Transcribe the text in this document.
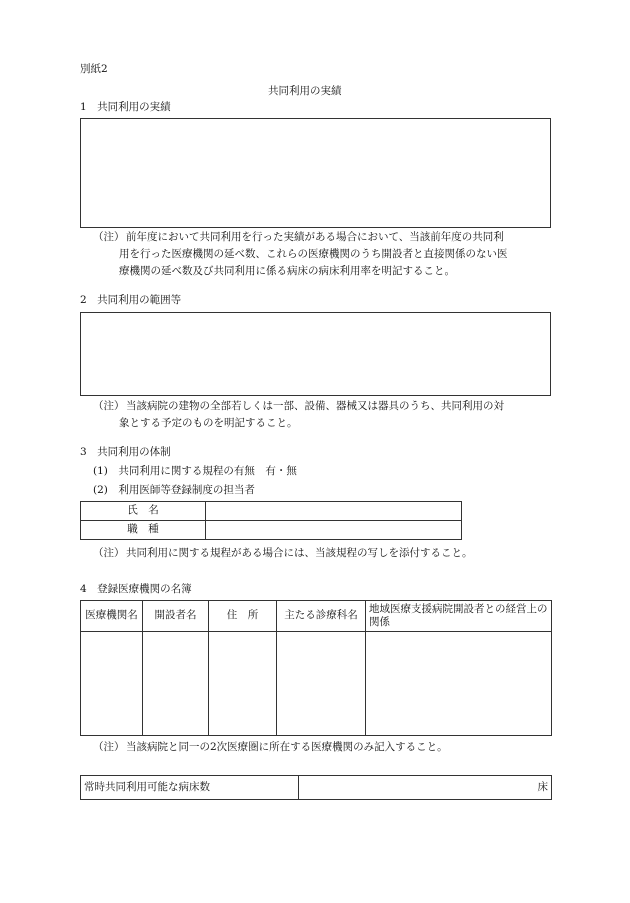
別紙2
共同利用の実績
1　共同利用の実績
（注） 前年度において共同利用を行った実績がある場合において、当該前年度の共同利
用を行った医療機関の延べ数、これらの医療機関のうち開設者と直接関係のない医
療機関の延べ数及び共同利用に係る病床の病床利用率を明記すること。
2　共同利用の範囲等
（注） 当該病院の建物の全部若しくは一部、設備、器械又は器具のうち、共同利用の対
象とする予定のものを明記すること。
3　共同利用の体制
(1)　共同利用に関する規程の有無　有・無
(2)　利用医師等登録制度の担当者
氏　名	
職　種	
（注） 共同利用に関する規程がある場合には、当該規程の写しを添付すること。
4　登録医療機関の名簿
医療機関名	開設者名	住　所	主たる診療科名	地域医療支援病院開設者との経営上の関係

（注） 当該病院と同一の2次医療圏に所在する医療機関のみ記入すること。
常時共同利用可能な病床数	床
